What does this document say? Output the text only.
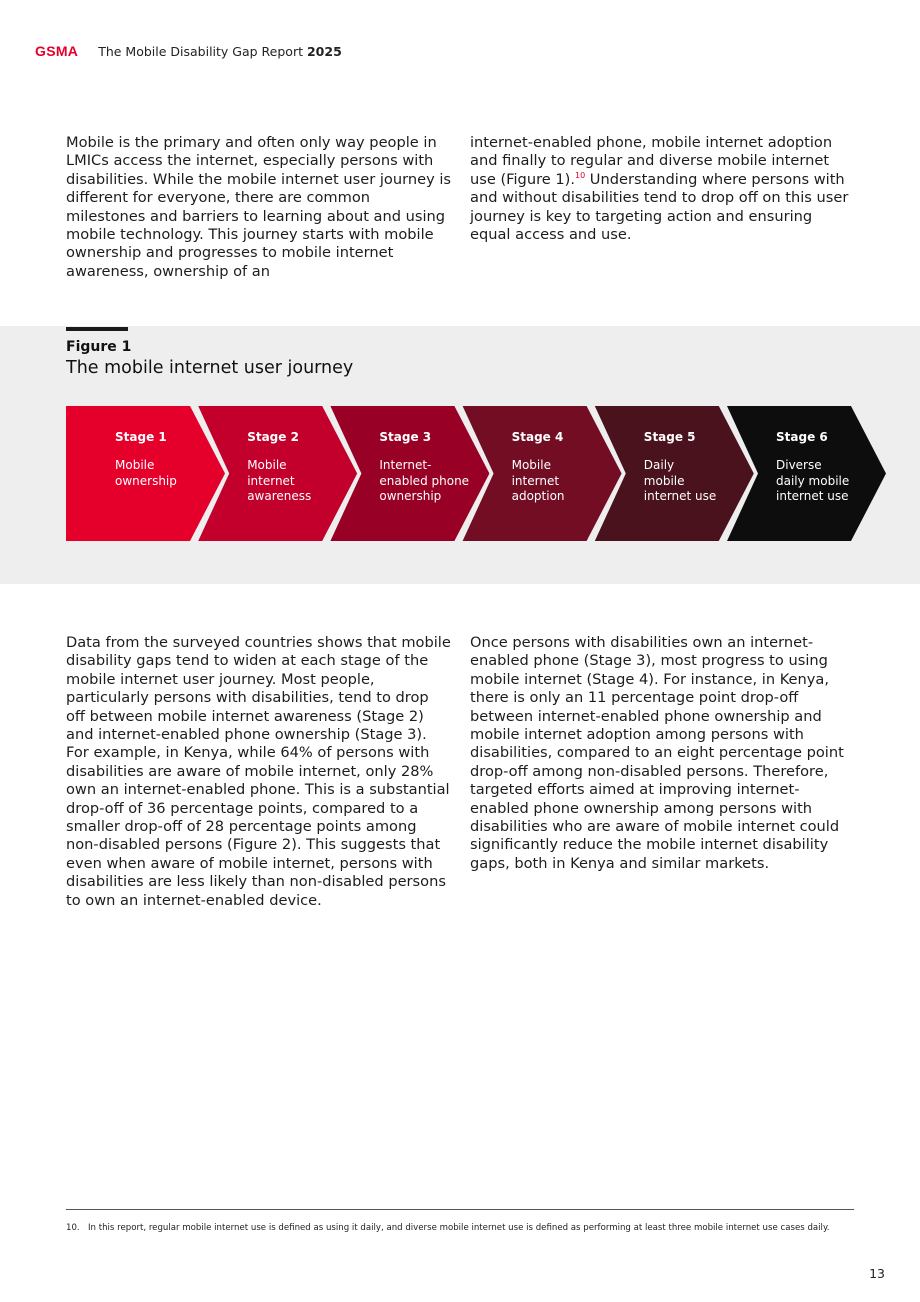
GSMA The Mobile Disability Gap Report 2025

Mobile is the primary and often only way people in LMICs access the internet, especially persons with disabilities. While the mobile internet user journey is different for everyone, there are common milestones and barriers to learning about and using mobile technology. This journey starts with mobile ownership and progresses to mobile internet awareness, ownership of an

internet-enabled phone, mobile internet adoption and finally to regular and diverse mobile internet use (Figure 1).$^{10}$ Understanding where persons with and without disabilities tend to drop off on this user journey is key to targeting action and ensuring equal access and use.

Figure 1
The mobile internet user journey
Stage 1
Mobile
ownership
Stage 2
Mobile
internet
awareness
Stage 3
Internet-
enabled phone
ownership
Stage 4
Mobile
internet
adoption
Stage 5
Daily
mobile
internet use
Stage 6
Diverse
daily mobile
internet use

Data from the surveyed countries shows that mobile disability gaps tend to widen at each stage of the mobile internet user journey. Most people, particularly persons with disabilities, tend to drop off between mobile internet awareness (Stage 2) and internet-enabled phone ownership (Stage 3). For example, in Kenya, while 64% of persons with disabilities are aware of mobile internet, only 28% own an internet-enabled phone. This is a substantial drop-off of 36 percentage points, compared to a smaller drop-off of 28 percentage points among non-disabled persons (Figure 2). This suggests that even when aware of mobile internet, persons with disabilities are less likely than non-disabled persons to own an internet-enabled device.

Once persons with disabilities own an internet-enabled phone (Stage 3), most progress to using mobile internet (Stage 4). For instance, in Kenya, there is only an 11 percentage point drop-off between internet-enabled phone ownership and mobile internet adoption among persons with disabilities, compared to an eight percentage point drop-off among non-disabled persons. Therefore, targeted efforts aimed at improving internet-enabled phone ownership among persons with disabilities who are aware of mobile internet could significantly reduce the mobile internet disability gaps, both in Kenya and similar markets.

10. In this report, regular mobile internet use is defined as using it daily, and diverse mobile internet use is defined as performing at least three mobile internet use cases daily.
13
